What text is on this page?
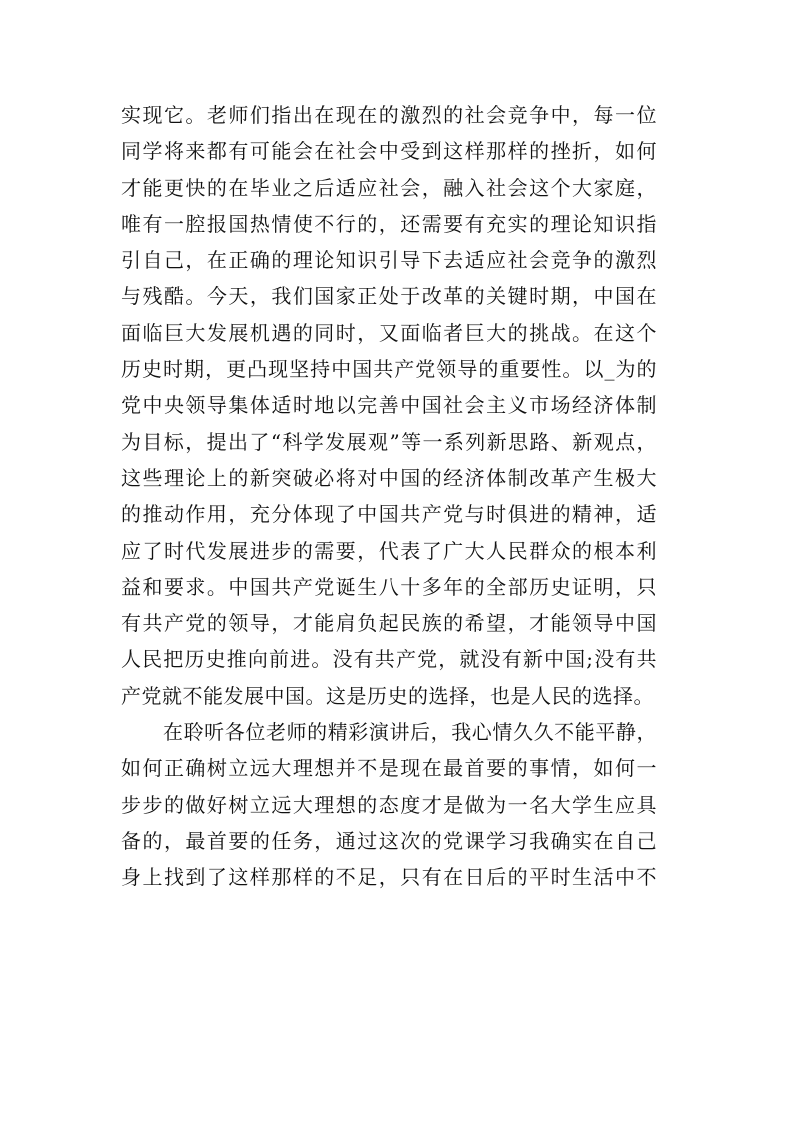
实现它。老师们指出在现在的激烈的社会竞争中，每一位
同学将来都有可能会在社会中受到这样那样的挫折，如何
才能更快的在毕业之后适应社会，融入社会这个大家庭，
唯有一腔报国热情使不行的，还需要有充实的理论知识指
引自己，在正确的理论知识引导下去适应社会竞争的激烈
与残酷。今天，我们国家正处于改革的关键时期，中国在
面临巨大发展机遇的同时，又面临者巨大的挑战。在这个
历史时期，更凸现坚持中国共产党领导的重要性。以_为的
党中央领导集体适时地以完善中国社会主义市场经济体制
为目标，提出了“科学发展观”等一系列新思路、新观点，
这些理论上的新突破必将对中国的经济体制改革产生极大
的推动作用，充分体现了中国共产党与时俱进的精神，适
应了时代发展进步的需要，代表了广大人民群众的根本利
益和要求。中国共产党诞生八十多年的全部历史证明，只
有共产党的领导，才能肩负起民族的希望，才能领导中国
人民把历史推向前进。没有共产党，就没有新中国;没有共
产党就不能发展中国。这是历史的选择，也是人民的选择。
在聆听各位老师的精彩演讲后，我心情久久不能平静，
如何正确树立远大理想并不是现在最首要的事情，如何一
步步的做好树立远大理想的态度才是做为一名大学生应具
备的，最首要的任务，通过这次的党课学习我确实在自己
身上找到了这样那样的不足，只有在日后的平时生活中不
